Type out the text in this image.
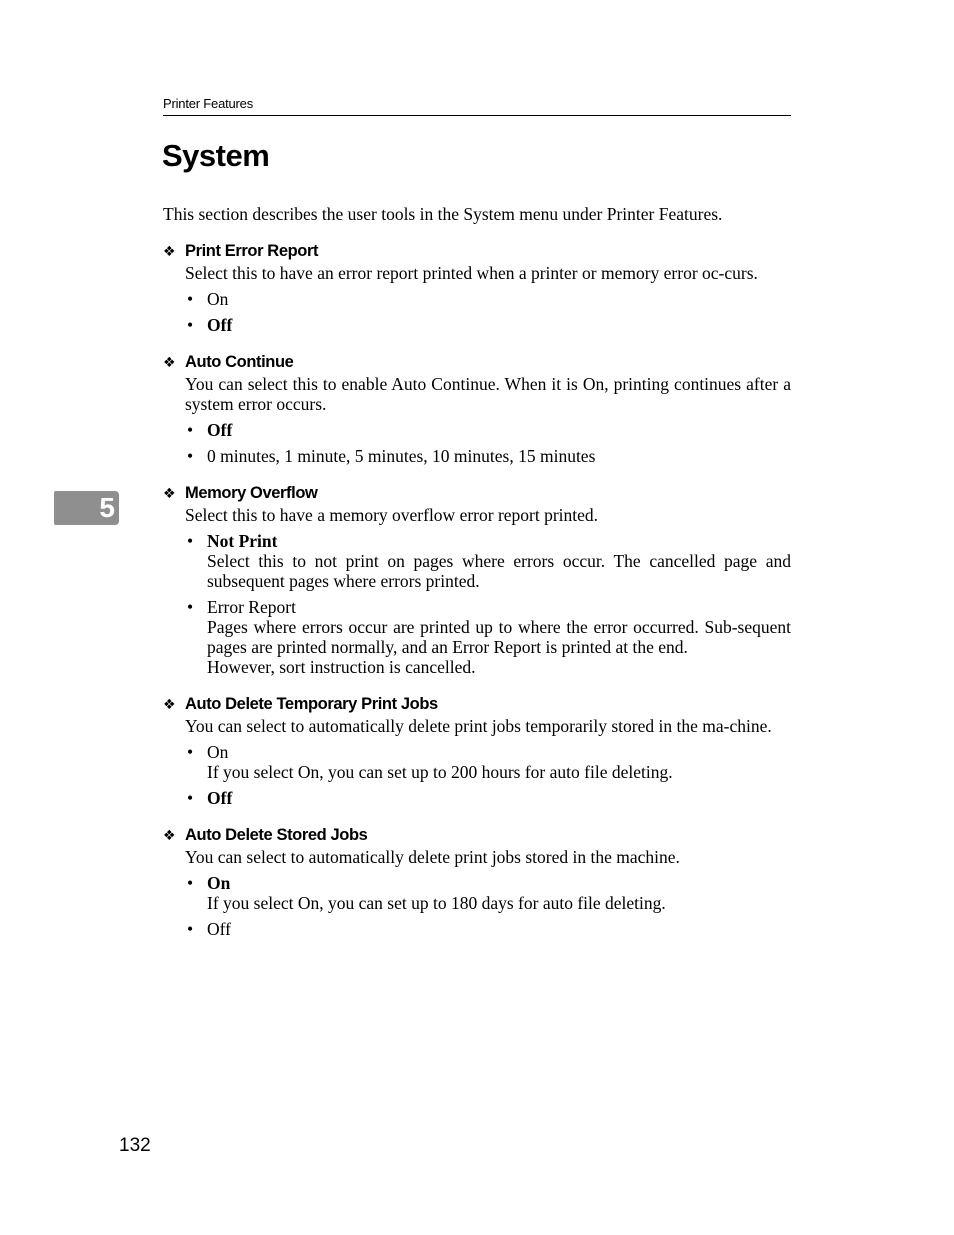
Printer Features
System
5

This section describes the user tools in the System menu under Printer Features.

❖ Print Error Report

Select this to have an error report printed when a printer or memory error oc-curs.

• On
• Off
❖ Auto Continue

You can select this to enable Auto Continue. When it is On, printing continues after a system error occurs.

• Off
• 0 minutes, 1 minute, 5 minutes, 10 minutes, 15 minutes
❖ Memory Overflow

Select this to have a memory overflow error report printed.

• Not Print
Select this to not print on pages where errors occur. The cancelled page and subsequent pages where errors printed.
• Error Report
Pages where errors occur are printed up to where the error occurred. Sub-sequent pages are printed normally, and an Error Report is printed at the end.
However, sort instruction is cancelled.
❖ Auto Delete Temporary Print Jobs

You can select to automatically delete print jobs temporarily stored in the ma-chine.

• On
If you select On, you can set up to 200 hours for auto file deleting.
• Off
❖ Auto Delete Stored Jobs

You can select to automatically delete print jobs stored in the machine.

• On
If you select On, you can set up to 180 days for auto file deleting.
• Off
132
